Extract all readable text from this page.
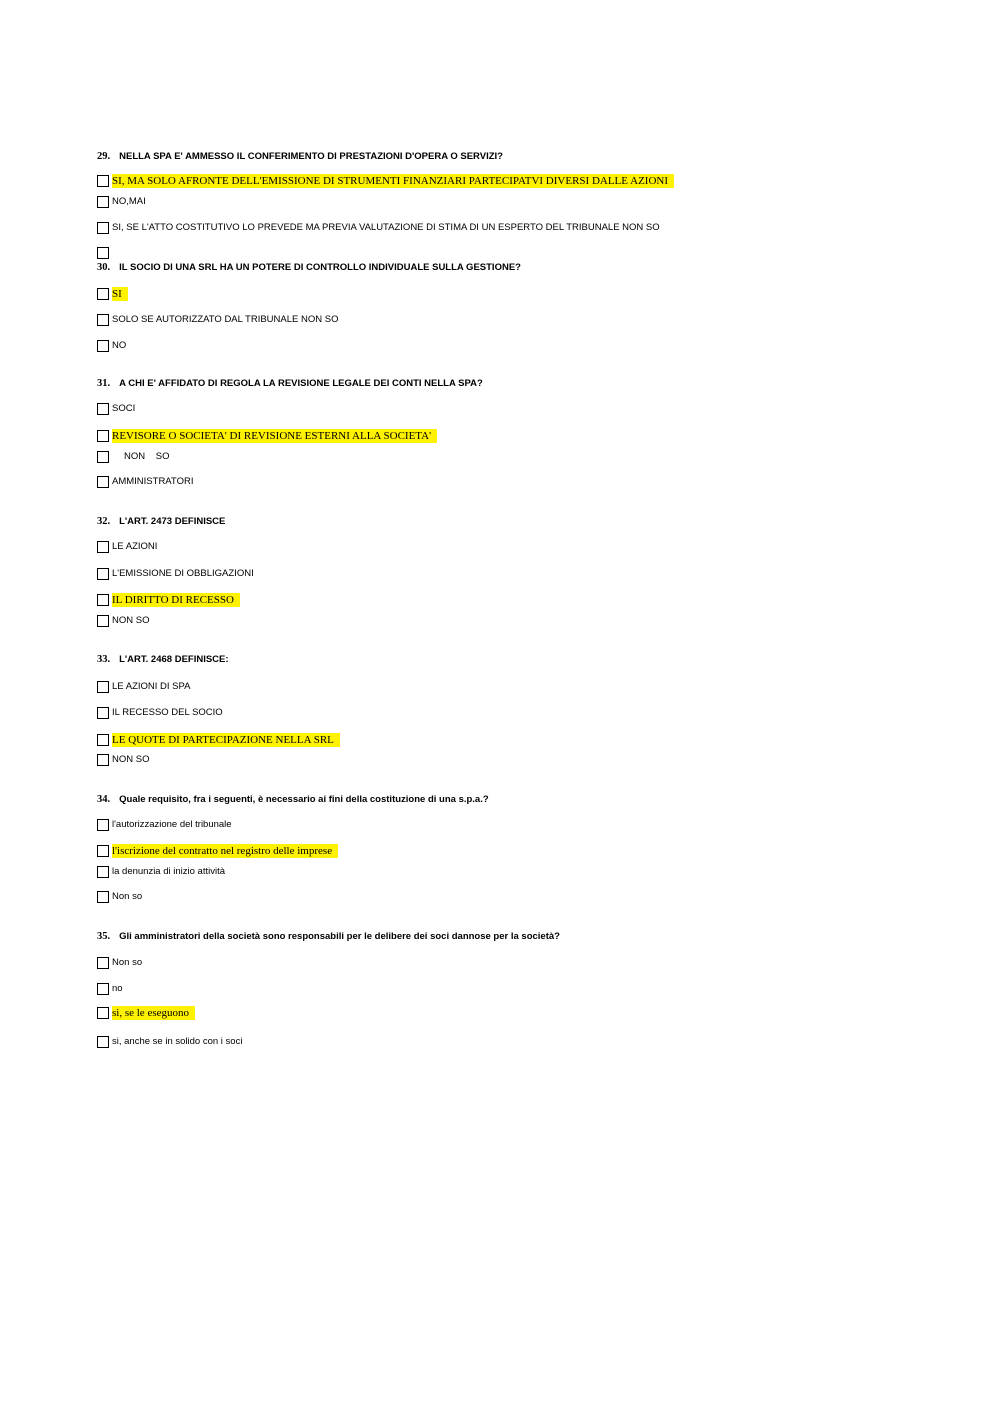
29. NELLA SPA E' AMMESSO IL CONFERIMENTO DI PRESTAZIONI D'OPERA O SERVIZI?
SI, MA SOLO AFRONTE DELL'EMISSIONE DI STRUMENTI FINANZIARI PARTECIPATVI DIVERSI DALLE AZIONI
NO,MAI
SI, SE L'ATTO COSTITUTIVO LO PREVEDE MA PREVIA VALUTAZIONE DI STIMA DI UN ESPERTO DEL TRIBUNALE NON SO
30. IL SOCIO DI UNA SRL HA UN POTERE DI CONTROLLO INDIVIDUALE SULLA GESTIONE?
SI
SOLO SE AUTORIZZATO DAL TRIBUNALE NON SO
NO
31. A CHI E' AFFIDATO DI REGOLA LA REVISIONE LEGALE DEI CONTI NELLA SPA?
SOCI
REVISORE O SOCIETA' DI REVISIONE ESTERNI ALLA SOCIETA'
NON SO
AMMINISTRATORI
32. L'ART. 2473 DEFINISCE
LE AZIONI
L'EMISSIONE DI OBBLIGAZIONI
IL DIRITTO DI RECESSO
NON SO
33. L'ART. 2468 DEFINISCE:
LE AZIONI DI SPA
IL RECESSO DEL SOCIO
LE QUOTE DI PARTECIPAZIONE NELLA SRL
NON SO
34. Quale requisito, fra i seguenti, è necessario ai fini della costituzione di una s.p.a.?
l'autorizzazione del tribunale
l'iscrizione del contratto nel registro delle imprese
la denunzia di inizio attività
Non so
35. Gli amministratori della società sono responsabili per le delibere dei soci dannose per la società?
Non so
no
si, se le eseguono
si, anche se in solido con i soci
